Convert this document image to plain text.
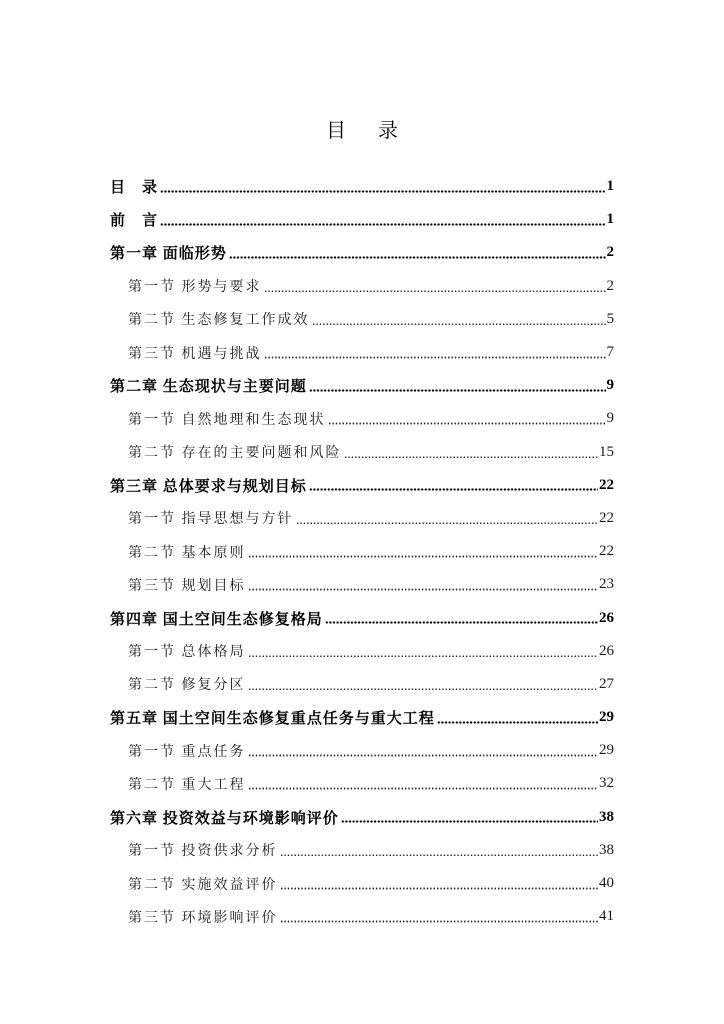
目　录
目　录	1
前　言	1
第一章 面临形势	2
第一节 形势与要求	2
第二节 生态修复工作成效	5
第三节 机遇与挑战	7
第二章 生态现状与主要问题	9
第一节 自然地理和生态现状	9
第二节 存在的主要问题和风险	15
第三章 总体要求与规划目标	22
第一节 指导思想与方针	22
第二节 基本原则	22
第三节 规划目标	23
第四章 国土空间生态修复格局	26
第一节 总体格局	26
第二节 修复分区	27
第五章 国土空间生态修复重点任务与重大工程	29
第一节 重点任务	29
第二节 重大工程	32
第六章 投资效益与环境影响评价	38
第一节 投资供求分析	38
第二节 实施效益评价	40
第三节 环境影响评价	41
